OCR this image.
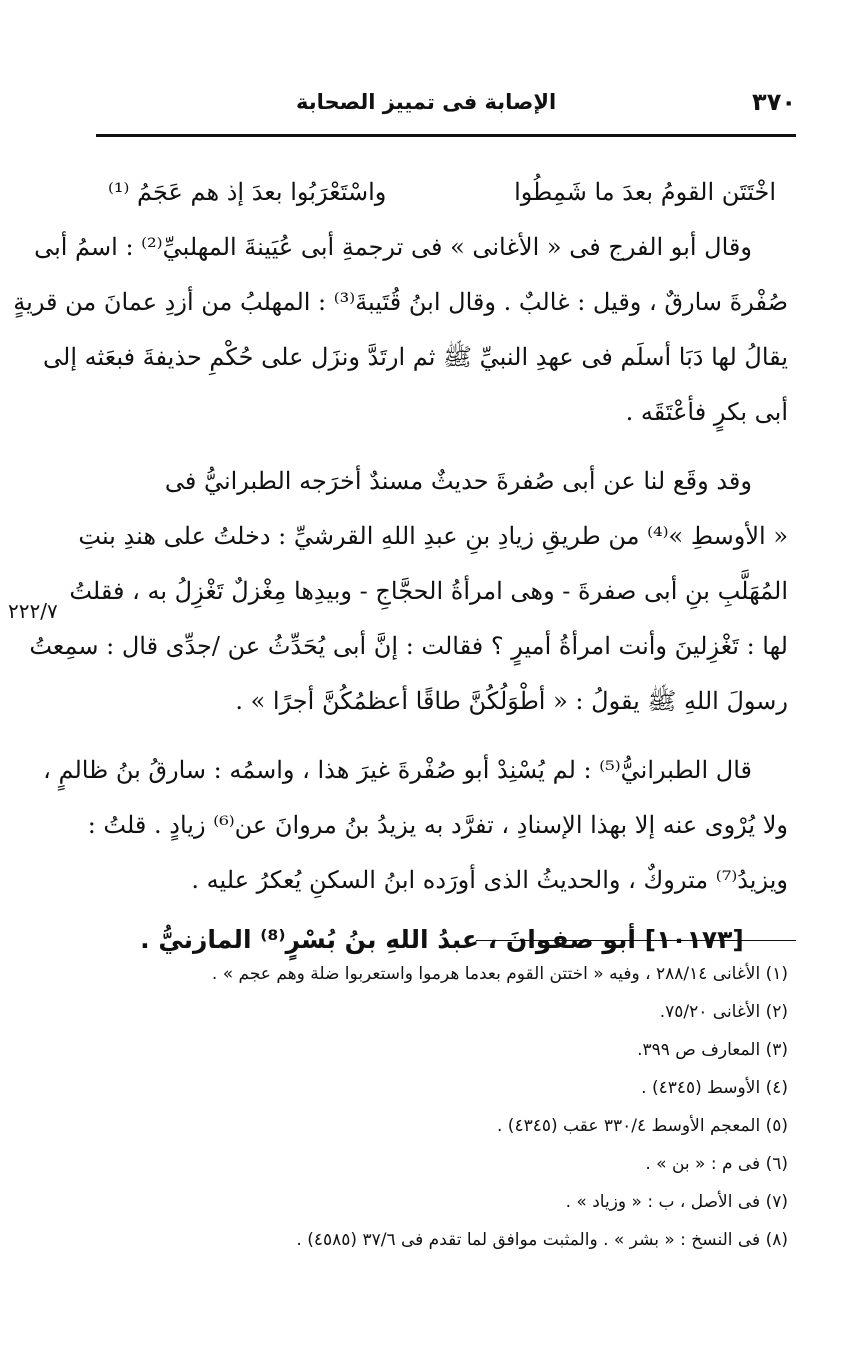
٣٧٠
الإصابة فى تمييز الصحابة
٢٢٢/٧
اخْتَتَن القومُ بعدَ ما شَمِطُوا
واسْتَعْرَبُوا بعدَ إذ هم عَجَمُ ⁽¹⁾
وقال أبو الفرج فى « الأغانى » فى ترجمةِ أبى عُيَينةَ المهلبيِّ⁽²⁾ : اسمُ أبى
صُفْرةَ سارقٌ ، وقيل : غالبٌ . وقال ابنُ قُتَيبةَ⁽³⁾ : المهلبُ من أزدِ عمانَ من قريةٍ
يقالُ لها دَبَا أسلَم فى عهدِ النبيِّ ﷺ ثم ارتَدَّ ونزَل على حُكْمِ حذيفةَ فبعَثه إلى
أبى بكرٍ فأعْتَقَه .
وقد وقَع لنا عن أبى صُفرةَ حديثٌ مسندٌ أخرَجه الطبرانيُّ فى
« الأوسطِ »⁽⁴⁾ من طريقِ زيادِ بنِ عبدِ اللهِ القرشيِّ : دخلتُ على هندِ بنتِ
المُهَلَّبِ بنِ أبى صفرةَ - وهى امرأةُ الحجَّاجِ - وبيدِها مِغْزلٌ تَغْزِلُ به ، فقلتُ
لها : تَغْزِلينَ وأنت امرأةُ أميرٍ ؟ فقالت : إنَّ أبى يُحَدِّثُ عن /جدِّى قال : سمِعتُ
رسولَ اللهِ ﷺ يقولُ : « أطْوَلُكُنَّ طاقًا أعظمُكُنَّ أجرًا » .
قال الطبرانيُّ⁽⁵⁾ : لم يُسْنِدْ أبو صُفْرةَ غيرَ هذا ، واسمُه : سارقُ بنُ ظالمٍ ،
ولا يُرْوى عنه إلا بهذا الإسنادِ ، تفرَّد به يزيدُ بنُ مروانَ عن⁽⁶⁾ زيادٍ . قلتُ :
ويزيدُ⁽⁷⁾ متروكٌ ، والحديثُ الذى أورَده ابنُ السكنِ يُعكرُ عليه .
[١٠١٧٣] أبو صفوانَ ، عبدُ اللهِ بنُ بُسْرٍ⁽⁸⁾ المازنيُّ .
(١) الأغانى ٢٨٨/١٤ ، وفيه « اختتن القوم بعدما هرموا واستعربوا ضلة وهم عجم » .
(٢) الأغانى ٧٥/٢٠.
(٣) المعارف ص ٣٩٩.
(٤) الأوسط (٤٣٤٥) .
(٥) المعجم الأوسط ٣٣٠/٤ عقب (٤٣٤٥) .
(٦) فى م : « بن » .
(٧) فى الأصل ، ب : « وزياد » .
(٨) فى النسخ : « بشر » . والمثبت موافق لما تقدم فى ٣٧/٦ (٤٥٨٥) .
